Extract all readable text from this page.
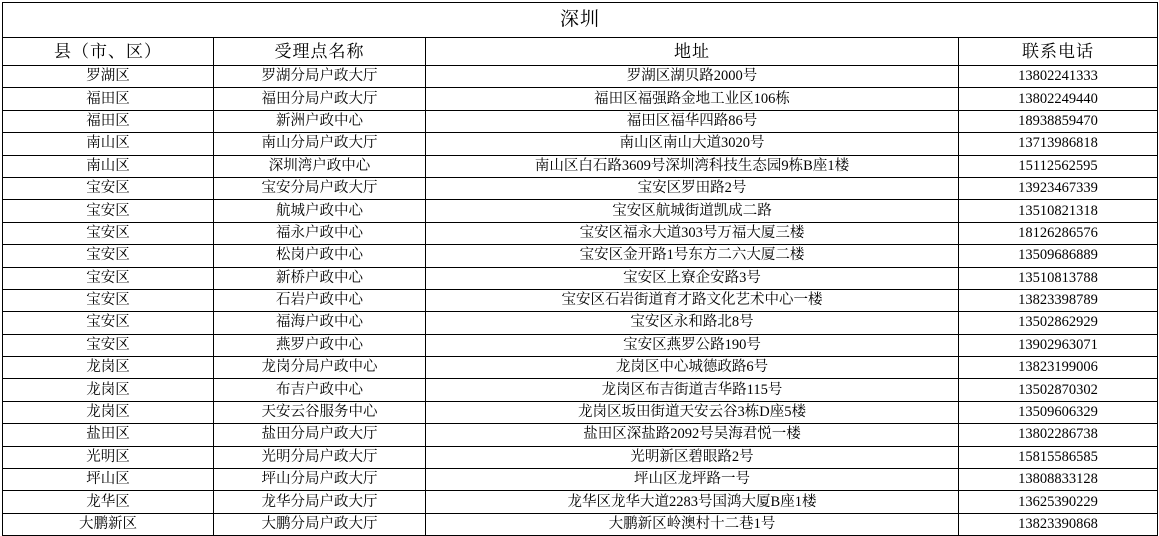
深圳			

县（市、区）	受理点名称	地址	联系电话

罗湖区	罗湖分局户政大厅	罗湖区湖贝路2000号	13802241333

福田区	福田分局户政大厅	福田区福强路金地工业区106栋	13802249440

福田区	新洲户政中心	福田区福华四路86号	18938859470

南山区	南山分局户政大厅	南山区南山大道3020号	13713986818

南山区	深圳湾户政中心	南山区白石路3609号深圳湾科技生态园9栋B座1楼	15112562595

宝安区	宝安分局户政大厅	宝安区罗田路2号	13923467339

宝安区	航城户政中心	宝安区航城街道凯成二路	13510821318

宝安区	福永户政中心	宝安区福永大道303号万福大厦三楼	18126286576

宝安区	松岗户政中心	宝安区金开路1号东方二六大厦二楼	13509686889

宝安区	新桥户政中心	宝安区上寮企安路3号	13510813788

宝安区	石岩户政中心	宝安区石岩街道育才路文化艺术中心一楼	13823398789

宝安区	福海户政中心	宝安区永和路北8号	13502862929

宝安区	燕罗户政中心	宝安区燕罗公路190号	13902963071

龙岗区	龙岗分局户政中心	龙岗区中心城德政路6号	13823199006

龙岗区	布吉户政中心	龙岗区布吉街道吉华路115号	13502870302

龙岗区	天安云谷服务中心	龙岗区坂田街道天安云谷3栋D座5楼	13509606329

盐田区	盐田分局户政大厅	盐田区深盐路2092号吴海君悦一楼	13802286738

光明区	光明分局户政大厅	光明新区碧眼路2号	15815586585

坪山区	坪山分局户政大厅	坪山区龙坪路一号	13808833128

龙华区	龙华分局户政大厅	龙华区龙华大道2283号国鸿大厦B座1楼	13625390229

大鹏新区	大鹏分局户政大厅	大鹏新区岭澳村十二巷1号	13823390868
